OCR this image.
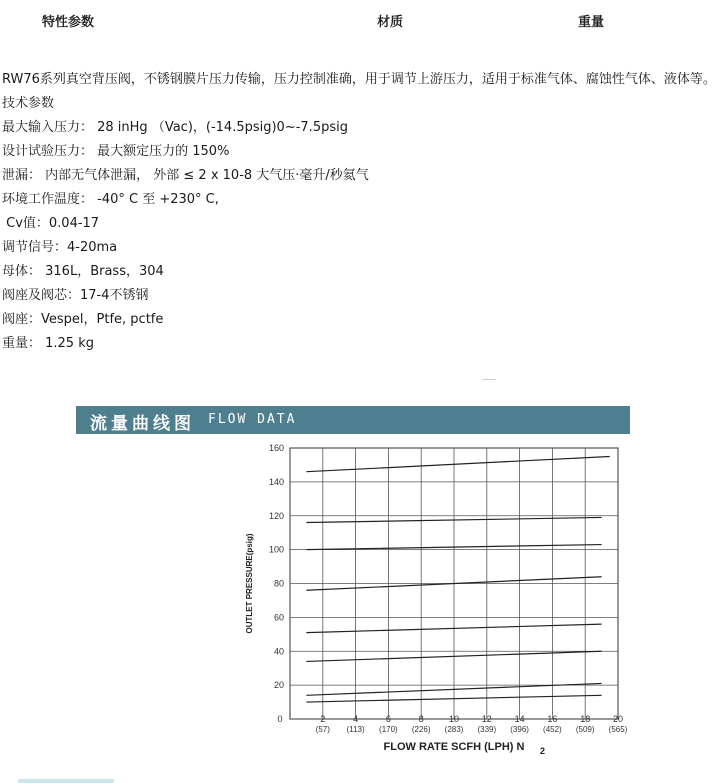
特性参数	材质	重量

RW76系列真空背压阀，不锈钢膜片压力传输，压力控制准确，用于调节上游压力，适用于标准气体、腐蚀性气体、液体等。

技术参数

最大输入压力： 28 inHg （Vac)，(-14.5psig)0~-7.5psig

设计试验压力： 最大额定压力的 150%

泄漏： 内部无气体泄漏， 外部 ≤ 2 x 10-8 大气压·毫升/秒氦气

环境工作温度： -40° C 至 +230° C,

Cv值：0.04-17

调节信号：4-20ma

母体： 316L，Brass，304

阀座及阀芯：17-4不锈钢

阀座：Vespel，Ptfe, pctfe

重量： 1.25 kg

流量曲线图 FLOW DATA
2
(57)
4
(113)
6
(170)
8
(226)
10
(283)
12
(339)
14
(396)
16
(452)
18
(509)
20
(565)
20
40
60
80
100
120
140
160
0
OUTLET PRESSURE(psig)
FLOW RATE SCFH (LPH) N 2
